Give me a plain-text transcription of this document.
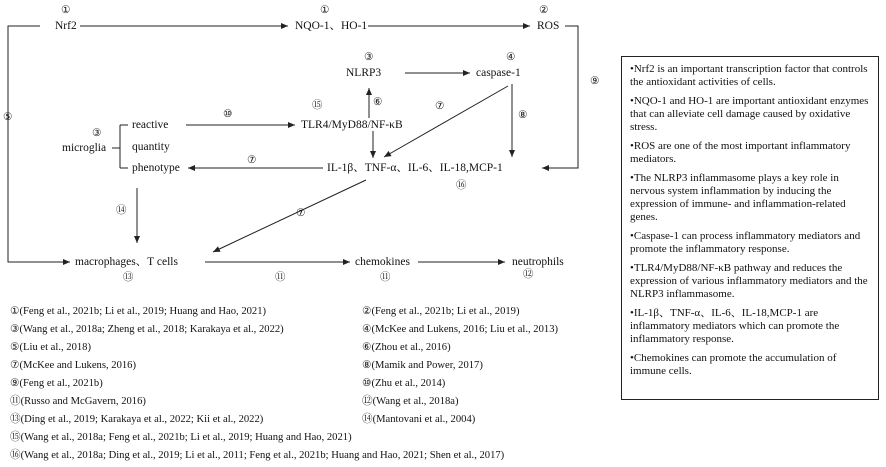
Nrf2	NQO-1、HO-1	ROS
NLRP3	caspase-1
TLR4/MyD88/NF-κB
microglia
reactive
quantity
phenotype	IL-1β、TNF-α、IL-6、IL-18,MCP-1
macrophages、T cells	chemokines	neutrophils
①	①	②
③	④
⑤
③
⑥	⑦
⑧
⑨
⑩
⑮
⑦
⑯
⑭	⑦
⑬	⑪	⑪	⑫
•Nrf2 is an important transcription factor that controls the antioxidant activities of cells.
•NQO-1 and HO-1 are important antioxidant enzymes that can alleviate cell damage caused by oxidative stress.
•ROS are one of the most important inflammatory mediators.
•The NLRP3 inflammasome plays a key role in nervous system inflammation by inducing the expression of immune- and inflammation-related genes.
•Caspase-1 can process inflammatory mediators and promote the inflammatory response.
•TLR4/MyD88/NF-κB pathway and reduces the expression of various inflammatory mediators and the NLRP3 inflammasome.
•IL-1β、TNF-α、IL-6、IL-18,MCP-1 are inflammatory mediators which can promote the inflammatory response.
•Chemokines can promote the accumulation of immune cells.
①(Feng et al., 2021b; Li et al., 2019; Huang and Hao, 2021)	②(Feng et al., 2021b; Li et al., 2019)
③(Wang et al., 2018a; Zheng et al., 2018; Karakaya et al., 2022)	④(McKee and Lukens, 2016; Liu et al., 2013)
⑤(Liu et al., 2018)	⑥(Zhou et al., 2016)
⑦(McKee and Lukens, 2016)	⑧(Mamik and Power, 2017)
⑨(Feng et al., 2021b)	⑩(Zhu et al., 2014)
⑪(Russo and McGavern, 2016)	⑫(Wang et al., 2018a)
⑬(Ding et al., 2019; Karakaya et al., 2022; Kii et al., 2022)	⑭(Mantovani et al., 2004)
⑮(Wang et al., 2018a; Feng et al., 2021b; Li et al., 2019; Huang and Hao, 2021)
⑯(Wang et al., 2018a; Ding et al., 2019; Li et al., 2011; Feng et al., 2021b; Huang and Hao, 2021; Shen et al., 2017)
